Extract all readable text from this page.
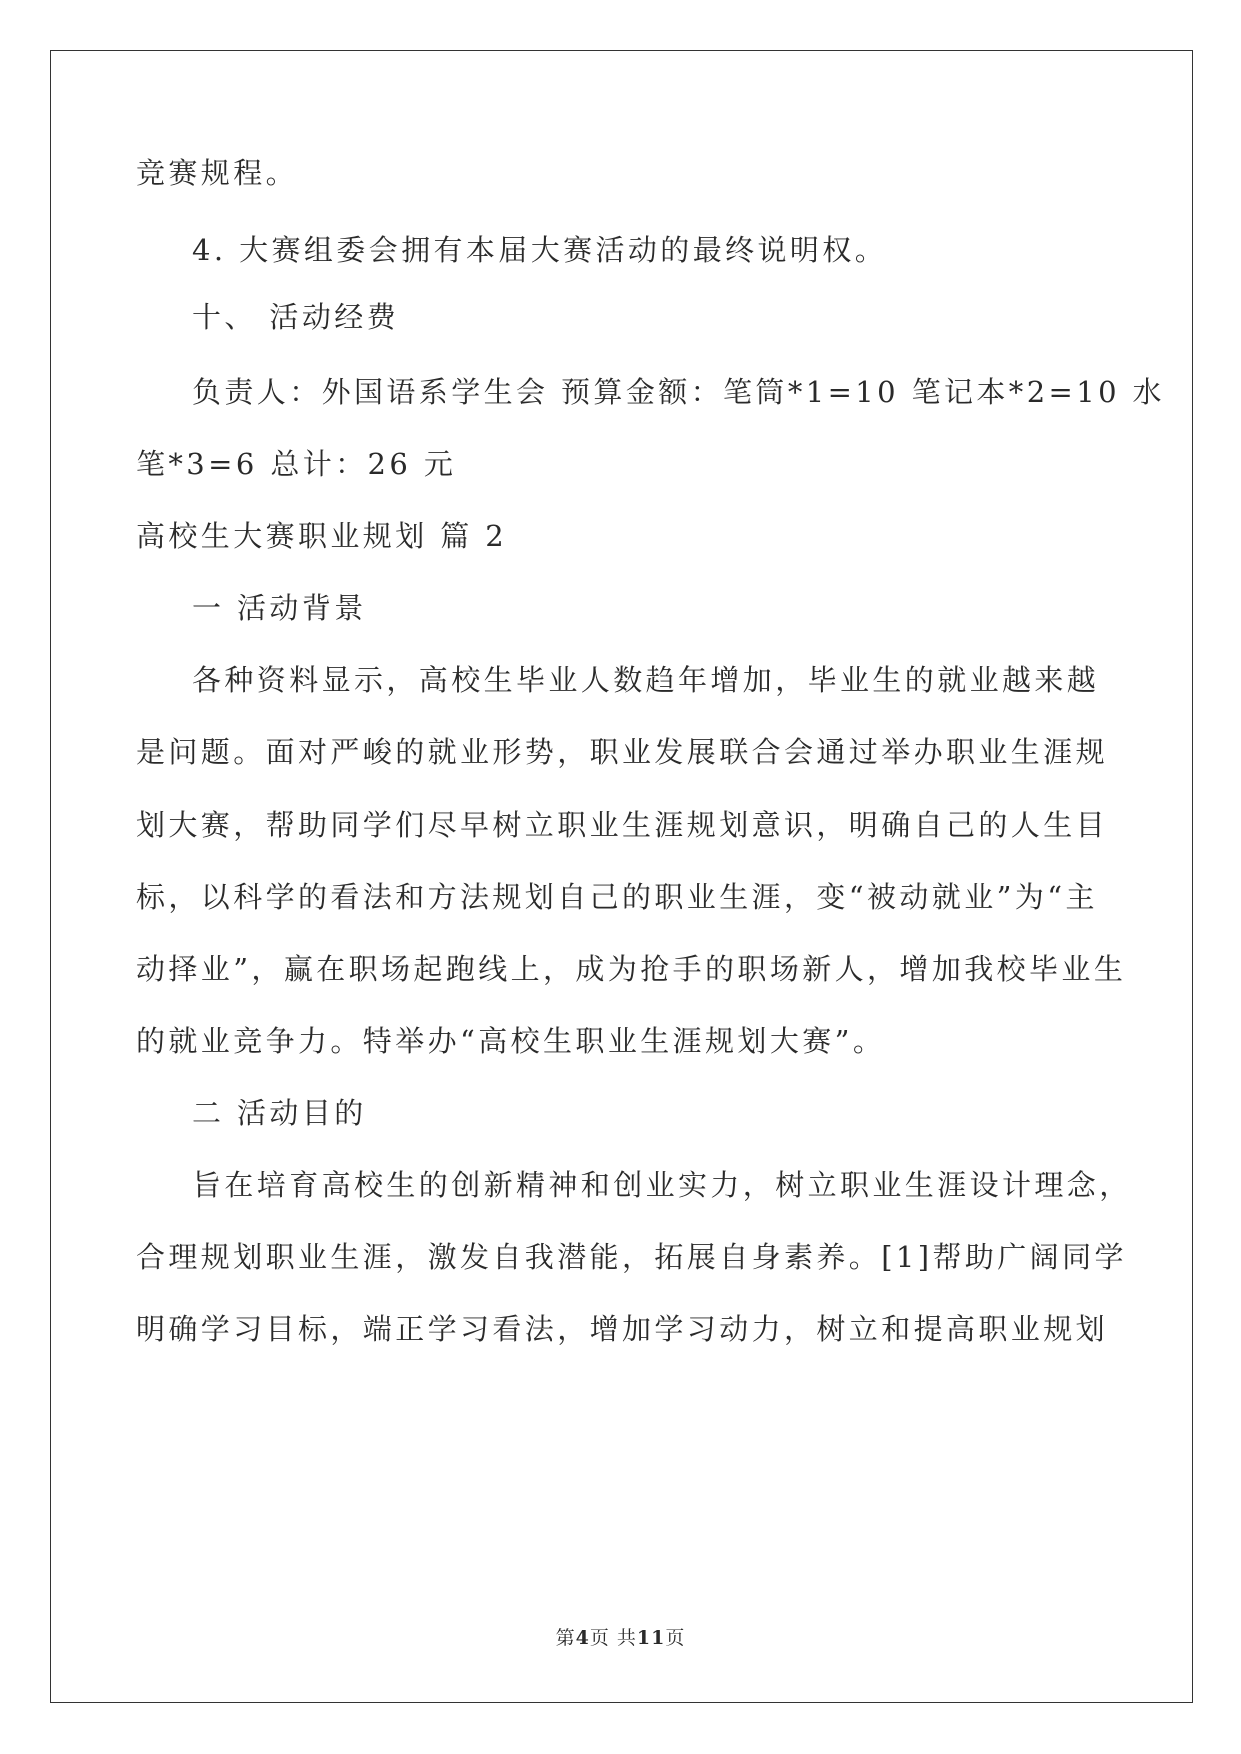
竞赛规程。
4. 大赛组委会拥有本届大赛活动的最终说明权。
十、 活动经费
负责人：外国语系学生会 预算金额：笔筒*1=10 笔记本*2=10 水
笔*3=6 总计：26 元
高校生大赛职业规划 篇 2
一 活动背景
各种资料显示，高校生毕业人数趋年增加，毕业生的就业越来越
是问题。面对严峻的就业形势，职业发展联合会通过举办职业生涯规
划大赛，帮助同学们尽早树立职业生涯规划意识，明确自己的人生目
标，以科学的看法和方法规划自己的职业生涯，变“被动就业”为“主
动择业”，赢在职场起跑线上，成为抢手的职场新人，增加我校毕业生
的就业竞争力。特举办“高校生职业生涯规划大赛”。
二 活动目的
旨在培育高校生的创新精神和创业实力，树立职业生涯设计理念，
合理规划职业生涯，激发自我潜能，拓展自身素养。[1]帮助广阔同学
明确学习目标，端正学习看法，增加学习动力，树立和提高职业规划
第4页 共11页
